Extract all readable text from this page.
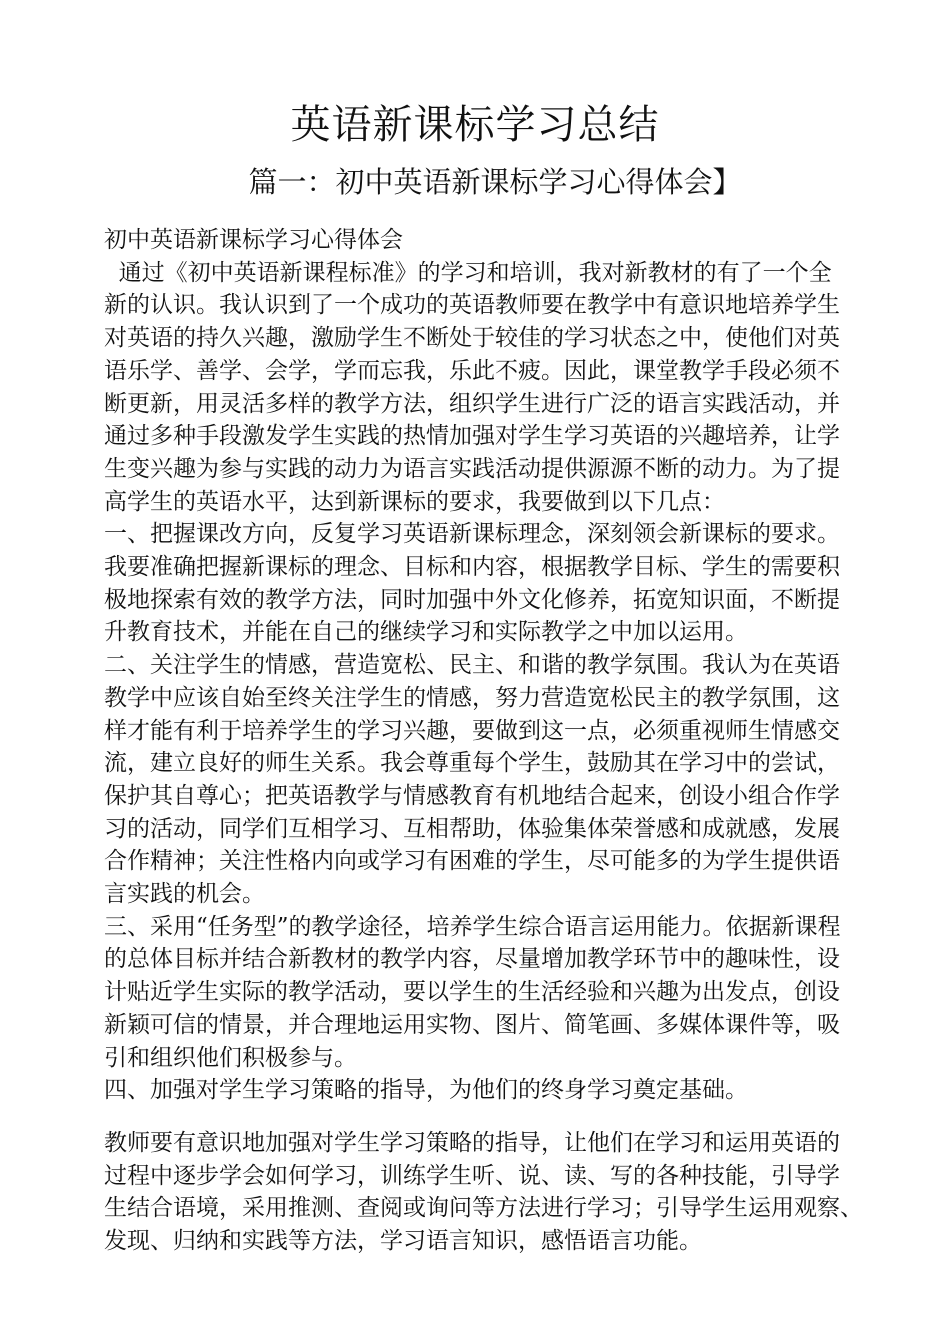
英语新课标学习总结
篇一：初中英语新课标学习心得体会】

初中英语新课标学习心得体会

通过《初中英语新课程标准》的学习和培训，我对新教材的有了一个全

新的认识。我认识到了一个成功的英语教师要在教学中有意识地培养学生

对英语的持久兴趣，激励学生不断处于较佳的学习状态之中，使他们对英

语乐学、善学、会学，学而忘我，乐此不疲。因此，课堂教学手段必须不

断更新，用灵活多样的教学方法，组织学生进行广泛的语言实践活动，并

通过多种手段激发学生实践的热情加强对学生学习英语的兴趣培养，让学

生变兴趣为参与实践的动力为语言实践活动提供源源不断的动力。为了提

高学生的英语水平，达到新课标的要求，我要做到以下几点：

一、把握课改方向，反复学习英语新课标理念，深刻领会新课标的要求。

我要准确把握新课标的理念、目标和内容，根据教学目标、学生的需要积

极地探索有效的教学方法，同时加强中外文化修养，拓宽知识面，不断提

升教育技术，并能在自己的继续学习和实际教学之中加以运用。

二、关注学生的情感，营造宽松、民主、和谐的教学氛围。我认为在英语

教学中应该自始至终关注学生的情感，努力营造宽松民主的教学氛围，这

样才能有利于培养学生的学习兴趣，要做到这一点，必须重视师生情感交

流，建立良好的师生关系。我会尊重每个学生，鼓励其在学习中的尝试，

保护其自尊心；把英语教学与情感教育有机地结合起来，创设小组合作学

习的活动，同学们互相学习、互相帮助，体验集体荣誉感和成就感，发展

合作精神；关注性格内向或学习有困难的学生，尽可能多的为学生提供语

言实践的机会。

三、采用“任务型”的教学途径，培养学生综合语言运用能力。依据新课程

的总体目标并结合新教材的教学内容，尽量增加教学环节中的趣味性，设

计贴近学生实际的教学活动，要以学生的生活经验和兴趣为出发点，创设

新颖可信的情景，并合理地运用实物、图片、简笔画、多媒体课件等，吸

引和组织他们积极参与。

四、加强对学生学习策略的指导，为他们的终身学习奠定基础。

教师要有意识地加强对学生学习策略的指导，让他们在学习和运用英语的

过程中逐步学会如何学习，训练学生听、说、读、写的各种技能，引导学

生结合语境，采用推测、查阅或询问等方法进行学习；引导学生运用观察、

发现、归纳和实践等方法，学习语言知识，感悟语言功能。
